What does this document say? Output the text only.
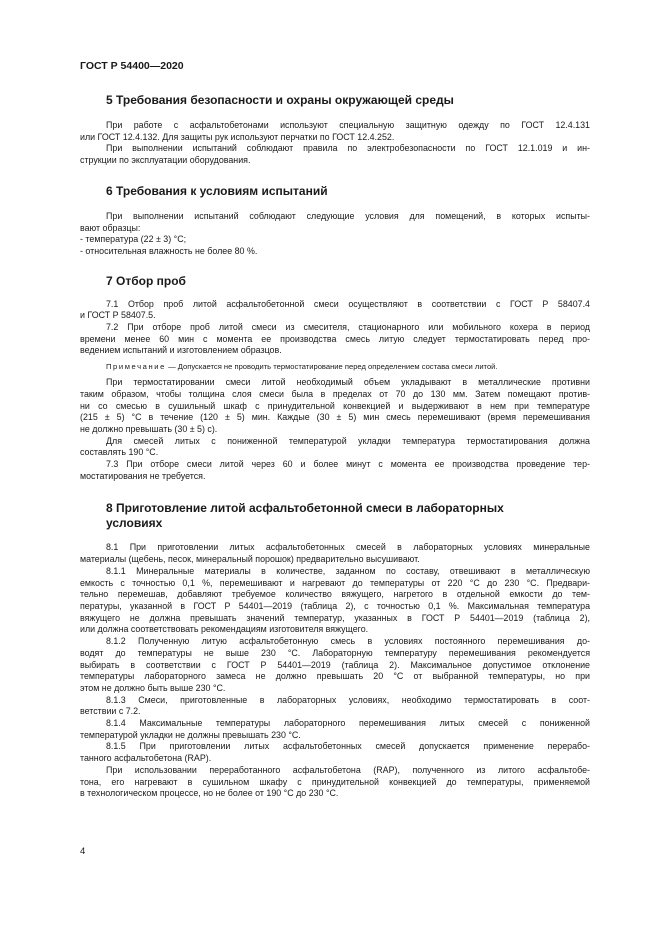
ГОСТ Р 54400—2020
5 Требования безопасности и охраны окружающей среды
При работе с асфальтобетонами используют специальную защитную одежду по ГОСТ 12.4.131
или ГОСТ 12.4.132. Для защиты рук используют перчатки по ГОСТ 12.4.252.
При выполнении испытаний соблюдают правила по электробезопасности по ГОСТ 12.1.019 и ин-
струкции по эксплуатации оборудования.
6 Требования к условиям испытаний
При выполнении испытаний соблюдают следующие условия для помещений, в которых испыты-
вают образцы:
- температура (22 ± 3) °С;
- относительная влажность не более 80 %.
7 Отбор проб
7.1 Отбор проб литой асфальтобетонной смеси осуществляют в соответствии с ГОСТ Р 58407.4
и ГОСТ Р 58407.5.
7.2 При отборе проб литой смеси из смесителя, стационарного или мобильного кохера в период
времени менее 60 мин с момента ее производства смесь литую следует термостатировать перед про-
ведением испытаний и изготовлением образцов.
Примечание — Допускается не проводить термостатирование перед определением состава смеси литой.
При термостатировании смеси литой необходимый объем укладывают в металлические противни
таким образом, чтобы толщина слоя смеси была в пределах от 70 до 130 мм. Затем помещают против-
ни со смесью в сушильный шкаф с принудительной конвекцией и выдерживают в нем при температуре
(215 ± 5) °С в течение (120 ± 5) мин. Каждые (30 ± 5) мин смесь перемешивают (время перемешивания
не должно превышать (30 ± 5) с).
Для смесей литых с пониженной температурой укладки температура термостатирования должна
составлять 190 °С.
7.3 При отборе смеси литой через 60 и более минут с момента ее производства проведение тер-
мостатирования не требуется.
8 Приготовление литой асфальтобетонной смеси в лабораторных
условиях
8.1 При приготовлении литых асфальтобетонных смесей в лабораторных условиях минеральные
материалы (щебень, песок, минеральный порошок) предварительно высушивают.
8.1.1 Минеральные материалы в количестве, заданном по составу, отвешивают в металлическую
емкость с точностью 0,1 %, перемешивают и нагревают до температуры от 220 °С до 230 °С. Предвари-
тельно перемешав, добавляют требуемое количество вяжущего, нагретого в отдельной емкости до тем-
пературы, указанной в ГОСТ Р 54401—2019 (таблица 2), с точностью 0,1 %. Максимальная температура
вяжущего не должна превышать значений температур, указанных в ГОСТ Р 54401—2019 (таблица 2),
или должна соответствовать рекомендациям изготовителя вяжущего.
8.1.2 Полученную литую асфальтобетонную смесь в условиях постоянного перемешивания до-
водят до температуры не выше 230 °С. Лабораторную температуру перемешивания рекомендуется
выбирать в соответствии с ГОСТ Р 54401—2019 (таблица 2). Максимальное допустимое отклонение
температуры лабораторного замеса не должно превышать 20 °С от выбранной температуры, но при
этом не должно быть выше 230 °С.
8.1.3 Смеси, приготовленные в лабораторных условиях, необходимо термостатировать в соот-
ветствии с 7.2.
8.1.4 Максимальные температуры лабораторного перемешивания литых смесей с пониженной
температурой укладки не должны превышать 230 °С.
8.1.5 При приготовлении литых асфальтобетонных смесей допускается применение перерабо-
танного асфальтобетона (RAP).
При использовании переработанного асфальтобетона (RAP), полученного из литого асфальтобе-
тона, его нагревают в сушильном шкафу с принудительной конвекцией до температуры, применяемой
в технологическом процессе, но не более от 190 °С до 230 °С.
4
